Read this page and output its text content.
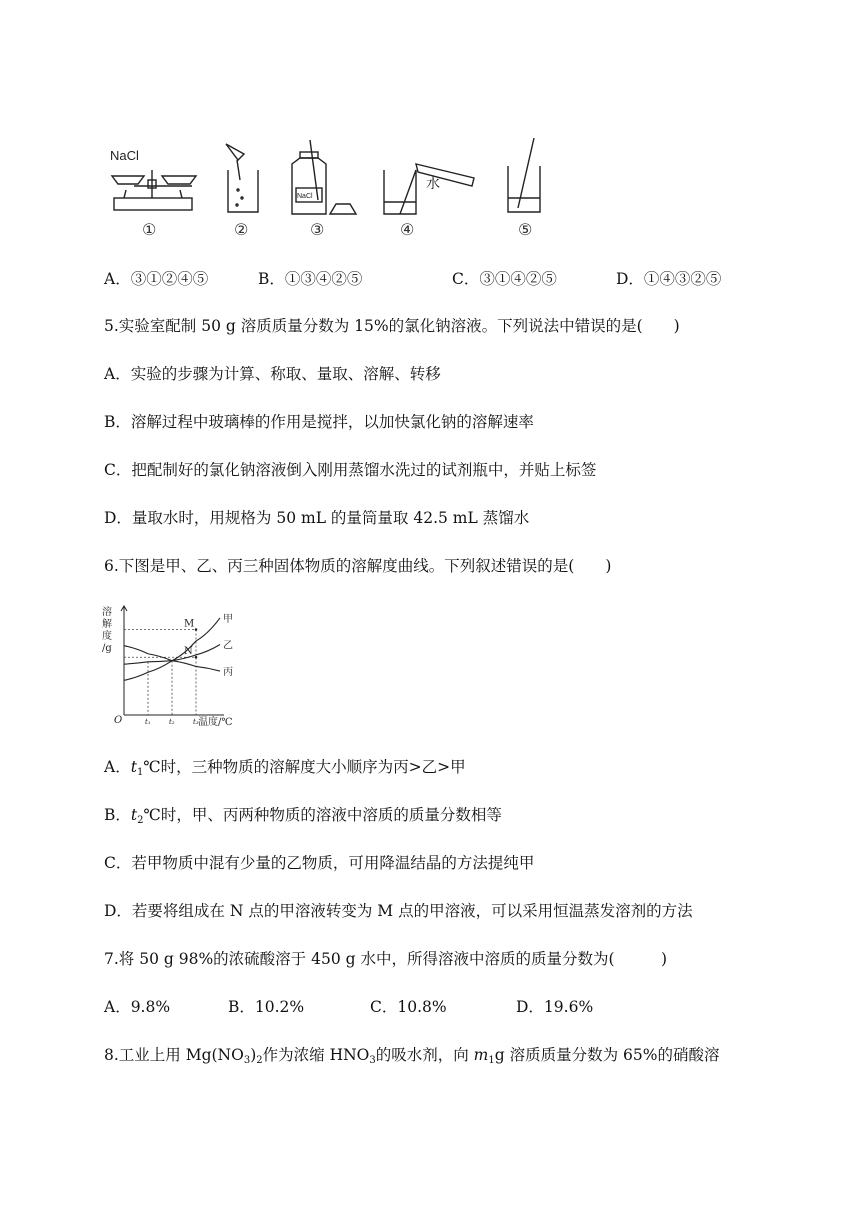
NaCl
NaCl
水
①	②	③	④	⑤
A．③①②④⑤	B．①③④②⑤	C．③①④②⑤	D．①④③②⑤
5.实验室配制 50 g 溶质质量分数为 15%的氯化钠溶液。下列说法中错误的是(　　)
A．实验的步骤为计算、称取、量取、溶解、转移
B．溶解过程中玻璃棒的作用是搅拌，以加快氯化钠的溶解速率
C．把配制好的氯化钠溶液倒入刚用蒸馏水洗过的试剂瓶中，并贴上标签
D．量取水时，用规格为 50 mL 的量筒量取 42.5 mL 蒸馏水
6.下图是甲、乙、丙三种固体物质的溶解度曲线。下列叙述错误的是(　　)
溶
解
度
/g
温度/℃
O	t₁	t₂	t₃
甲
乙
丙
M
N
A．$t_1℃$时，三种物质的溶解度大小顺序为丙>乙>甲
B．$t_2℃$时，甲、丙两种物质的溶液中溶质的质量分数相等
C．若甲物质中混有少量的乙物质，可用降温结晶的方法提纯甲
D．若要将组成在 N 点的甲溶液转变为 M 点的甲溶液，可以采用恒温蒸发溶剂的方法
7.将 50 g 98%的浓硫酸溶于 450 g 水中，所得溶液中溶质的质量分数为(　　　)
A．9.8%	B．10.2%	C．10.8%	D．19.6%
8.工业上用 $Mg(NO_3)_2$作为浓缩 $HNO_3$的吸水剂，向 $m_1g$ 溶质质量分数为 65%的硝酸溶
